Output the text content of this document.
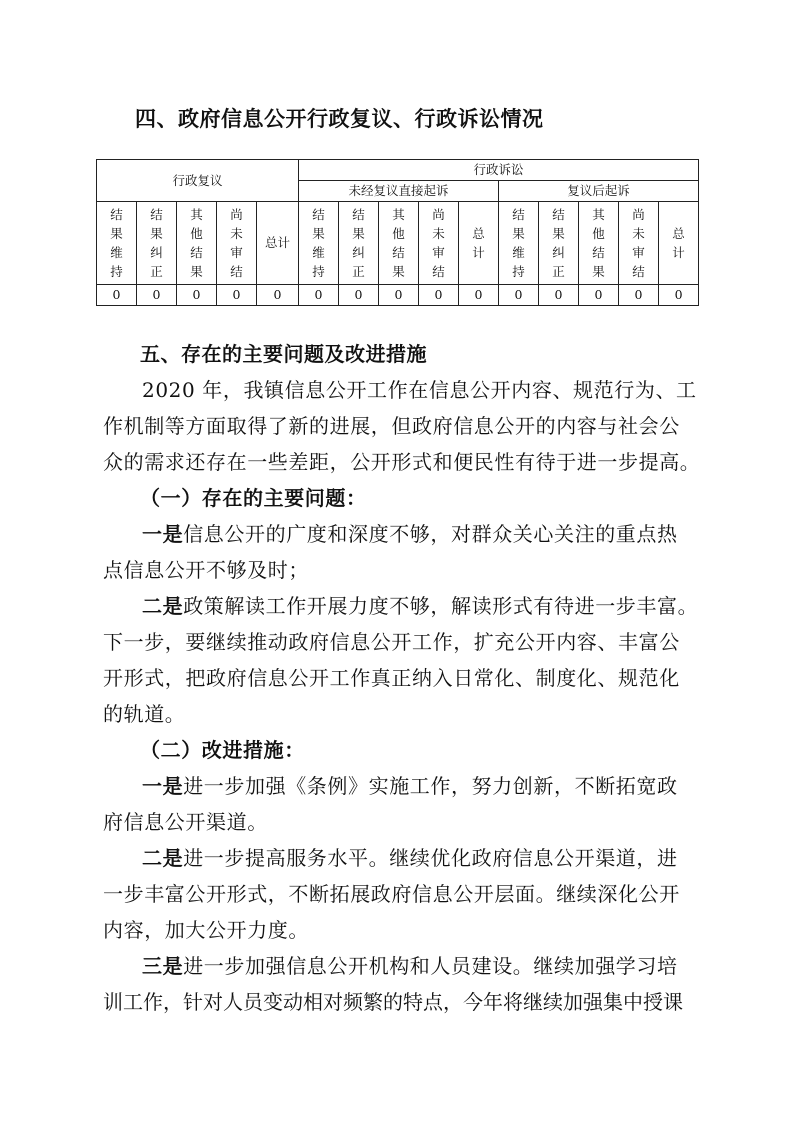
四、政府信息公开行政复议、行政诉讼情况
行政复议					行政诉讼									
					未经复议直接起诉					复议后起诉				
结果维持	结果纠正	其他结果	尚未审结	总计	结果维持	结果纠正	其他结果	尚未审结	总计	结果维持	结果纠正	其他结果	尚未审结	总计
0	0	0	0	0	0	0	0	0	0	0	0	0	0	0
五、存在的主要问题及改进措施
2020 年，我镇信息公开工作在信息公开内容、规范行为、工
作机制等方面取得了新的进展，但政府信息公开的内容与社会公
众的需求还存在一些差距，公开形式和便民性有待于进一步提高。
（一）存在的主要问题：
一是信息公开的广度和深度不够，对群众关心关注的重点热
点信息公开不够及时；
二是政策解读工作开展力度不够，解读形式有待进一步丰富。
下一步，要继续推动政府信息公开工作，扩充公开内容、丰富公
开形式，把政府信息公开工作真正纳入日常化、制度化、规范化
的轨道。
（二）改进措施：
一是进一步加强《条例》实施工作，努力创新，不断拓宽政
府信息公开渠道。
二是进一步提高服务水平。继续优化政府信息公开渠道，进
一步丰富公开形式，不断拓展政府信息公开层面。继续深化公开
内容，加大公开力度。
三是进一步加强信息公开机构和人员建设。继续加强学习培
训工作，针对人员变动相对频繁的特点，今年将继续加强集中授课
